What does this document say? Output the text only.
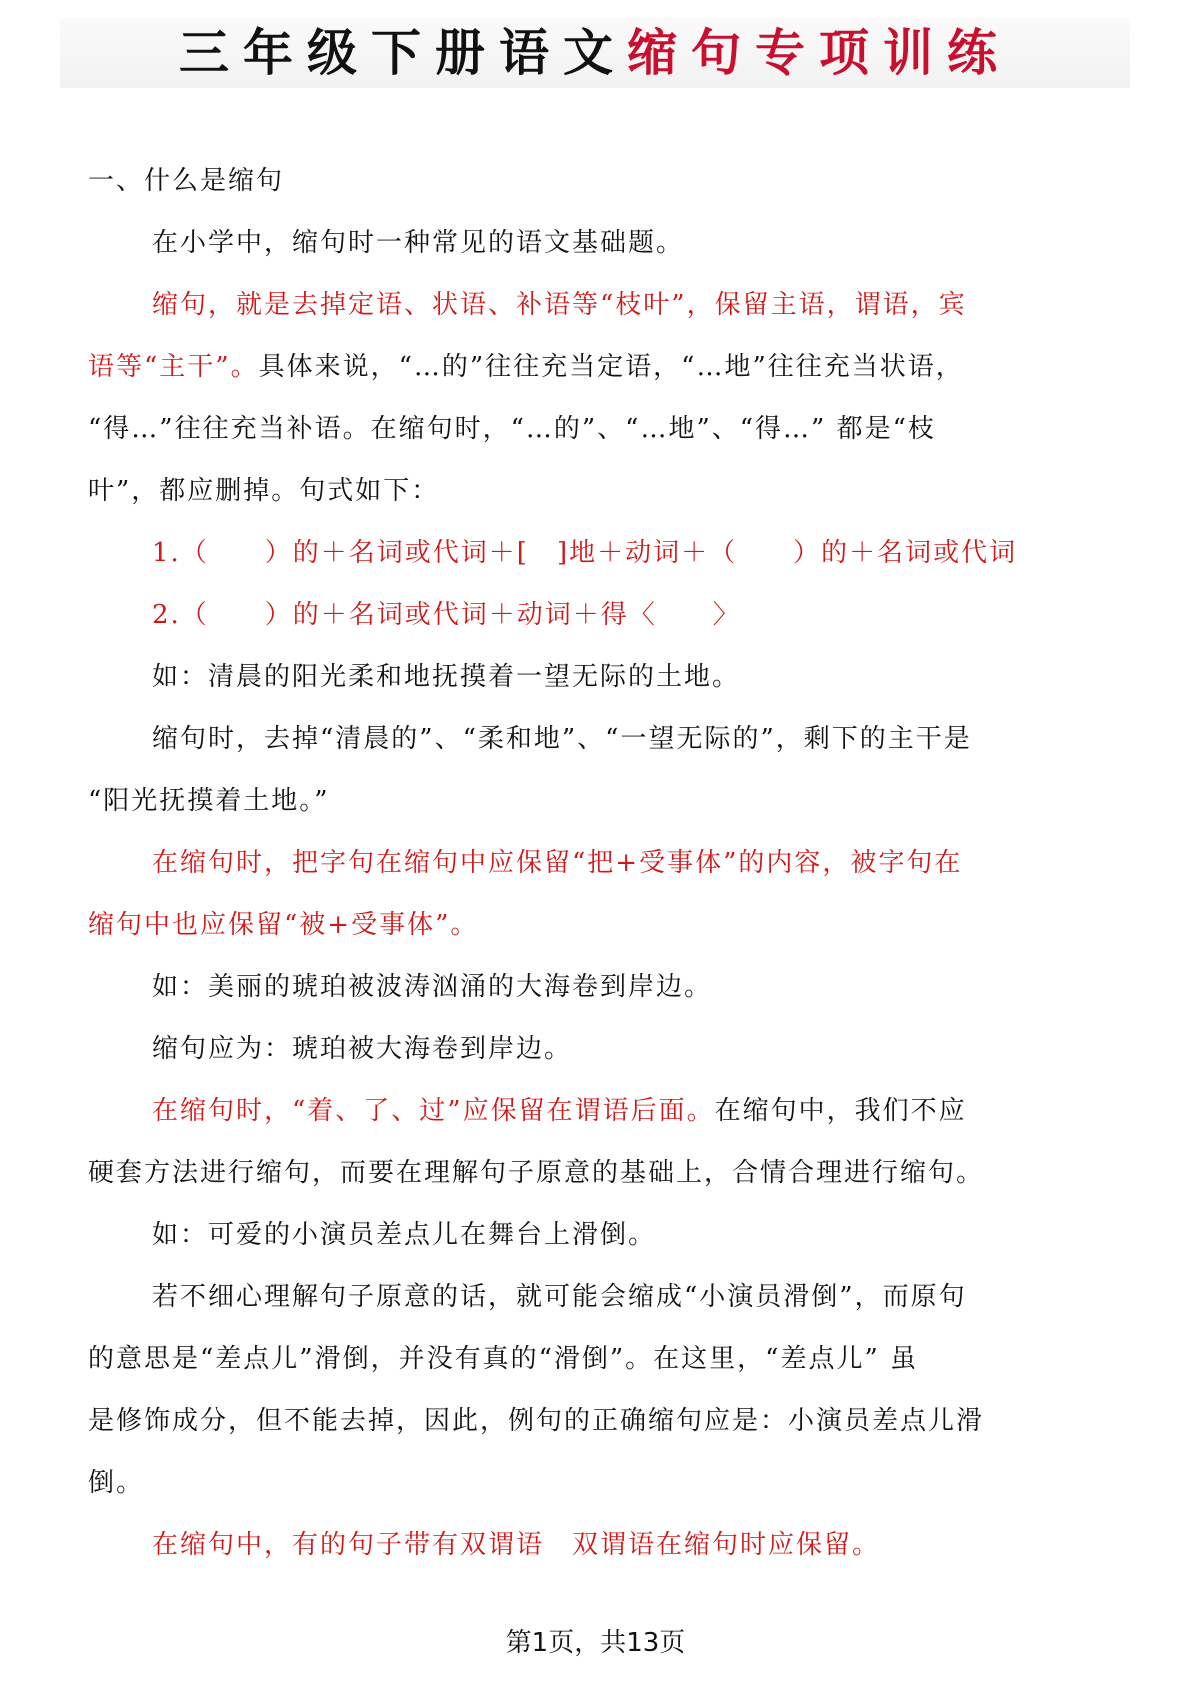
三年级下册语文缩句专项训练
一、什么是缩句
在小学中，缩句时一种常见的语文基础题。
缩句，就是去掉定语、状语、补语等“枝叶”，保留主语，谓语，宾
语等“主干”。具体来说，“…的”往往充当定语，“…地”往往充当状语，
“得…”往往充当补语。在缩句时，“…的”、“…地”、“得…” 都是“枝
叶”，都应删掉。句式如下：
1.（　　）的＋名词或代词＋[　]地＋动词＋（　　）的＋名词或代词
2.（　　）的＋名词或代词＋动词＋得〈　　〉
如：清晨的阳光柔和地抚摸着一望无际的土地。
缩句时，去掉“清晨的”、“柔和地”、“一望无际的”，剩下的主干是
“阳光抚摸着土地。”
在缩句时，把字句在缩句中应保留“把+受事体”的内容，被字句在
缩句中也应保留“被+受事体”。
如：美丽的琥珀被波涛汹涌的大海卷到岸边。
缩句应为：琥珀被大海卷到岸边。
在缩句时，“着、了、过”应保留在谓语后面。在缩句中，我们不应
硬套方法进行缩句，而要在理解句子原意的基础上，合情合理进行缩句。
如：可爱的小演员差点儿在舞台上滑倒。
若不细心理解句子原意的话，就可能会缩成“小演员滑倒”，而原句
的意思是“差点儿”滑倒，并没有真的“滑倒”。在这里，“差点儿” 虽
是修饰成分，但不能去掉，因此，例句的正确缩句应是：小演员差点儿滑
倒。
在缩句中，有的句子带有双谓语　双谓语在缩句时应保留。
第1页，共13页
